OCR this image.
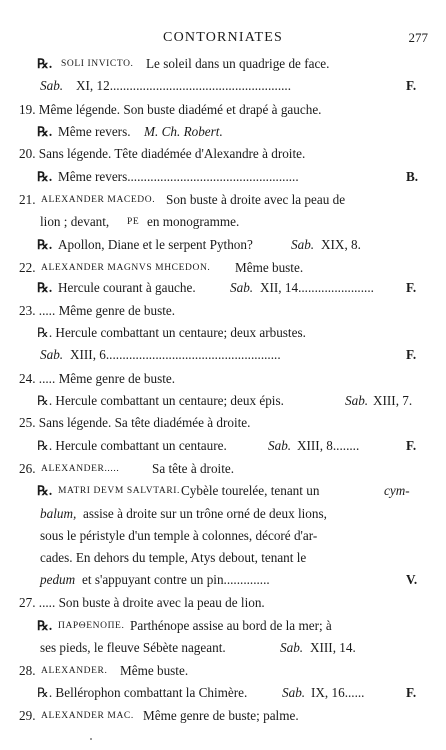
CONTORNIATES	277
℞. SOLI INVICTO. Le soleil dans un quadrige de face.
Sab. XI, 12.......................................................	F.
19. Même légende. Son buste diadémé et drapé à gauche.
℞. Même revers. M. Ch. Robert.
20. Sans légende. Tête diadémée d'Alexandre à droite.
℞. Même revers....................................................	B.
21. ALEXANDER MACEDO. Son buste à droite avec la peau de
lion ; devant, PE en monogramme.
℞. Apollon, Diane et le serpent Python?	Sab. XIX, 8.
22. ALEXANDER MAGNVS MHCEDON. Même buste.
℞. Hercule courant à gauche.	Sab. XII, 14....................... F.
23. ..... Même genre de buste.
℞. Hercule combattant un centaure; deux arbustes.
Sab. XIII, 6.....................................................	F.
24. ..... Même genre de buste.
℞. Hercule combattant un centaure; deux épis.	Sab. XIII, 7.
25. Sans légende. Sa tête diadémée à droite.
℞. Hercule combattant un centaure.	Sab. XIII, 8........	F.
26. ALEXANDER..... Sa tête à droite.
℞. MATRI DEVM SALVTARI. Cybèle tourelée, tenant un	cym-
balum, assise à droite sur un trône orné de deux lions,
sous le péristyle d'un temple à colonnes, décoré d'ar-
cades. En dehors du temple, Atys debout, tenant le
pedum et s'appuyant contre un pin..............	V.
27. ..... Son buste à droite avec la peau de lion.
℞. ΠΑΡΘΕΝΟΠΕ. Parthénope assise au bord de la mer; à
ses pieds, le fleuve Sébète nageant.	Sab. XIII, 14.
28. ALEXANDER. Même buste.
℞. Bellérophon combattant la Chimère.	Sab. IX, 16......	F.
29. ALEXANDER MAC. Même genre de buste; palme.
